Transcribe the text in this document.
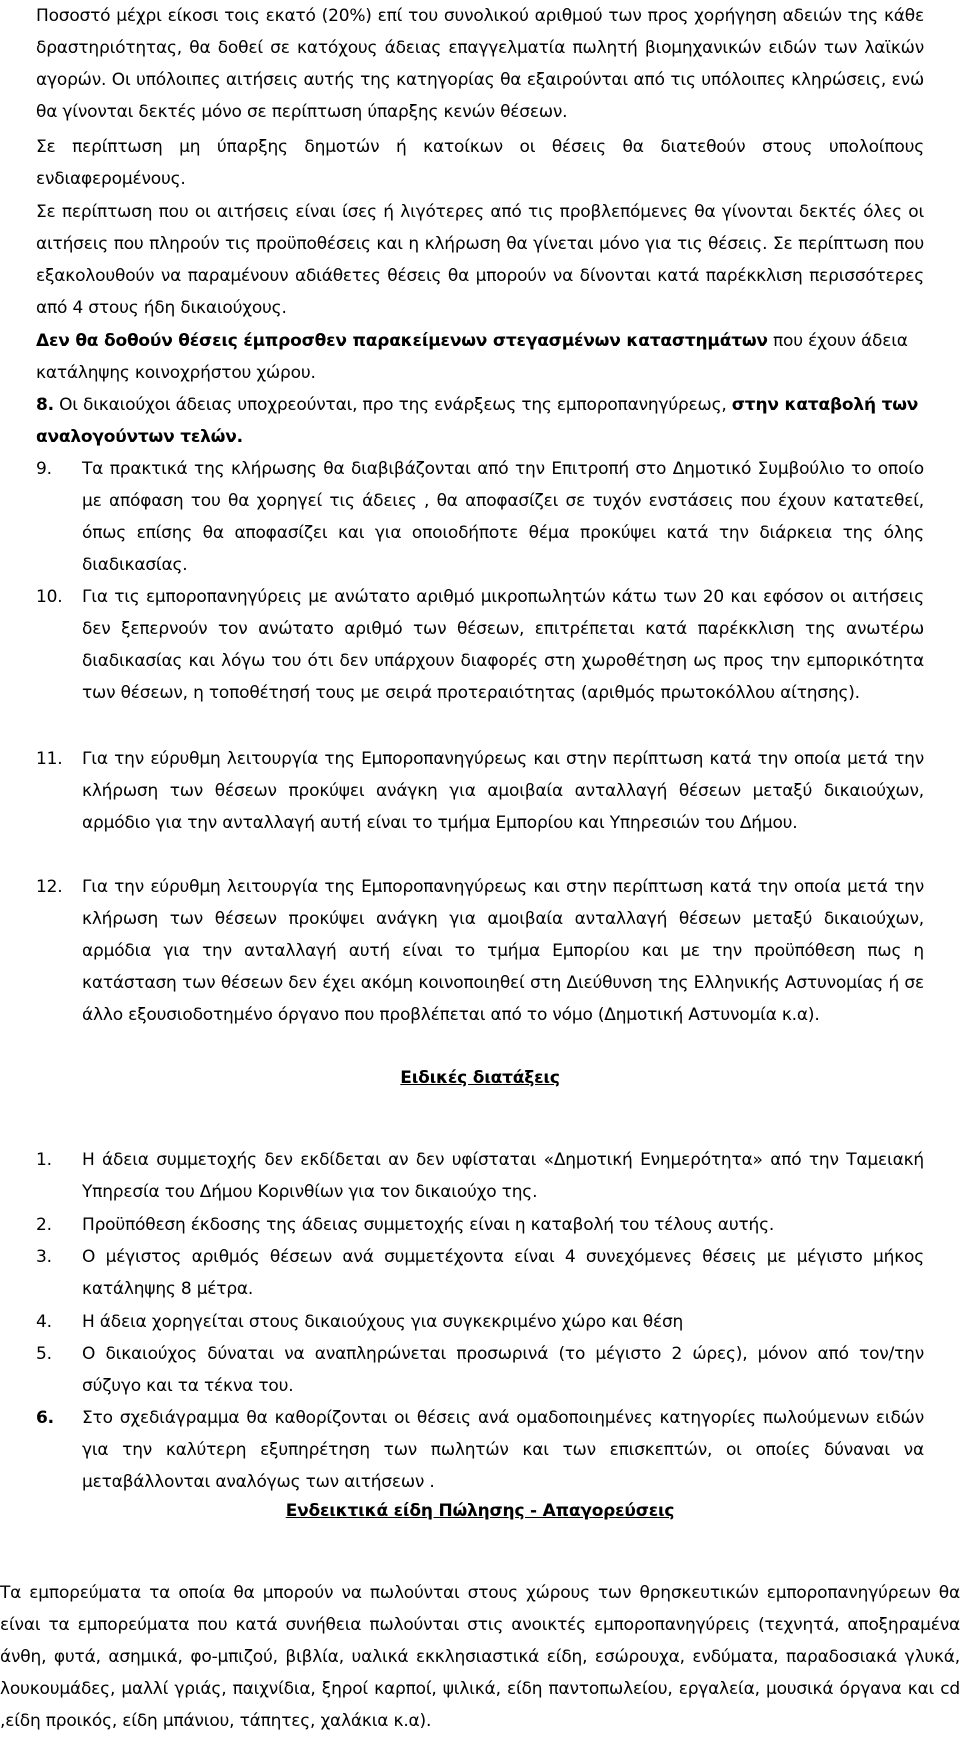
Ποσοστό μέχρι είκοσι τοις εκατό (20%) επί του συνολικού αριθμού των προς χορήγηση αδειών της κάθε δραστηριότητας, θα δοθεί σε κατόχους άδειας επαγγελματία πωλητή βιομηχανικών ειδών των λαϊκών αγορών. Οι υπόλοιπες αιτήσεις αυτής της κατηγορίας θα εξαιρούνται από τις υπόλοιπες κληρώσεις, ενώ θα γίνονται δεκτές μόνο σε περίπτωση ύπαρξης κενών θέσεων.
Σε περίπτωση μη ύπαρξης δημοτών ή κατοίκων οι θέσεις θα διατεθούν στους υπολοίπους ενδιαφερομένους.
Σε περίπτωση που οι αιτήσεις είναι ίσες ή λιγότερες από τις προβλεπόμενες θα γίνονται δεκτές όλες οι αιτήσεις που πληρούν τις προϋποθέσεις και η κλήρωση θα γίνεται μόνο για τις θέσεις. Σε περίπτωση που εξακολουθούν να παραμένουν αδιάθετες θέσεις θα μπορούν να δίνονται κατά παρέκκλιση περισσότερες από 4 στους ήδη δικαιούχους.
Δεν θα δοθούν θέσεις έμπροσθεν παρακείμενων στεγασμένων καταστημάτων που έχουν άδεια κατάληψης κοινοχρήστου χώρου.
8. Οι δικαιούχοι άδειας υποχρεούνται, προ της ενάρξεως της εμποροπανηγύρεως, στην καταβολή των αναλογούντων τελών.
9. Τα πρακτικά της κλήρωσης θα διαβιβάζονται από την Επιτροπή στο Δημοτικό Συμβούλιο το οποίο με απόφαση του θα χορηγεί τις άδειες , θα αποφασίζει σε τυχόν ενστάσεις που έχουν κατατεθεί, όπως επίσης θα αποφασίζει και για οποιοδήποτε θέμα προκύψει κατά την διάρκεια της όλης διαδικασίας.
10. Για τις εμποροπανηγύρεις με ανώτατο αριθμό μικροπωλητών κάτω των 20 και εφόσον οι αιτήσεις δεν ξεπερνούν τον ανώτατο αριθμό των θέσεων, επιτρέπεται κατά παρέκκλιση της ανωτέρω διαδικασίας και λόγω του ότι δεν υπάρχουν διαφορές στη χωροθέτηση ως προς την εμπορικότητα των θέσεων, η τοποθέτησή τους με σειρά προτεραιότητας (αριθμός πρωτοκόλλου αίτησης).
11. Για την εύρυθμη λειτουργία της Εμποροπανηγύρεως και στην περίπτωση κατά την οποία μετά την κλήρωση των θέσεων προκύψει ανάγκη για αμοιβαία ανταλλαγή θέσεων μεταξύ δικαιούχων, αρμόδιο για την ανταλλαγή αυτή είναι το τμήμα Εμπορίου και Υπηρεσιών του Δήμου.
12. Για την εύρυθμη λειτουργία της Εμποροπανηγύρεως και στην περίπτωση κατά την οποία μετά την κλήρωση των θέσεων προκύψει ανάγκη για αμοιβαία ανταλλαγή θέσεων μεταξύ δικαιούχων, αρμόδια για την ανταλλαγή αυτή είναι το τμήμα Εμπορίου και με την προϋπόθεση πως η κατάσταση των θέσεων δεν έχει ακόμη κοινοποιηθεί στη Διεύθυνση της Ελληνικής Αστυνομίας ή σε άλλο εξουσιοδοτημένο όργανο που προβλέπεται από το νόμο (Δημοτική Αστυνομία κ.α).
Ειδικές διατάξεις
1. Η άδεια συμμετοχής δεν εκδίδεται αν δεν υφίσταται «Δημοτική Ενημερότητα» από την Ταμειακή Υπηρεσία του Δήμου Κορινθίων για τον δικαιούχο της.
2. Προϋπόθεση έκδοσης της άδειας συμμετοχής είναι η καταβολή του τέλους αυτής.
3. Ο μέγιστος αριθμός θέσεων ανά συμμετέχοντα είναι 4 συνεχόμενες θέσεις με μέγιστο μήκος κατάληψης 8 μέτρα.
4. Η άδεια χορηγείται στους δικαιούχους για συγκεκριμένο χώρο και θέση
5. Ο δικαιούχος δύναται να αναπληρώνεται προσωρινά (το μέγιστο 2 ώρες), μόνον από τον/την σύζυγο και τα τέκνα του.
6. Στο σχεδιάγραμμα θα καθορίζονται οι θέσεις ανά ομαδοποιημένες κατηγορίες πωλούμενων ειδών για την καλύτερη εξυπηρέτηση των πωλητών και των επισκεπτών, οι οποίες δύναναι να μεταβάλλονται αναλόγως των αιτήσεων .
Ενδεικτικά είδη Πώλησης - Απαγορεύσεις
Τα εμπορεύματα τα οποία θα μπορούν να πωλούνται στους χώρους των θρησκευτικών εμποροπανηγύρεων θα είναι τα εμπορεύματα που κατά συνήθεια πωλούνται στις ανοικτές εμποροπανηγύρεις (τεχνητά, αποξηραμένα άνθη, φυτά, ασημικά, φο-μπιζού, βιβλία, υαλικά εκκλησιαστικά είδη, εσώρουχα, ενδύματα, παραδοσιακά γλυκά, λουκουμάδες, μαλλί γριάς, παιχνίδια, ξηροί καρποί, ψιλικά, είδη παντοπωλείου, εργαλεία, μουσικά όργανα και cd ,είδη προικός, είδη μπάνιου, τάπητες, χαλάκια κ.α).
